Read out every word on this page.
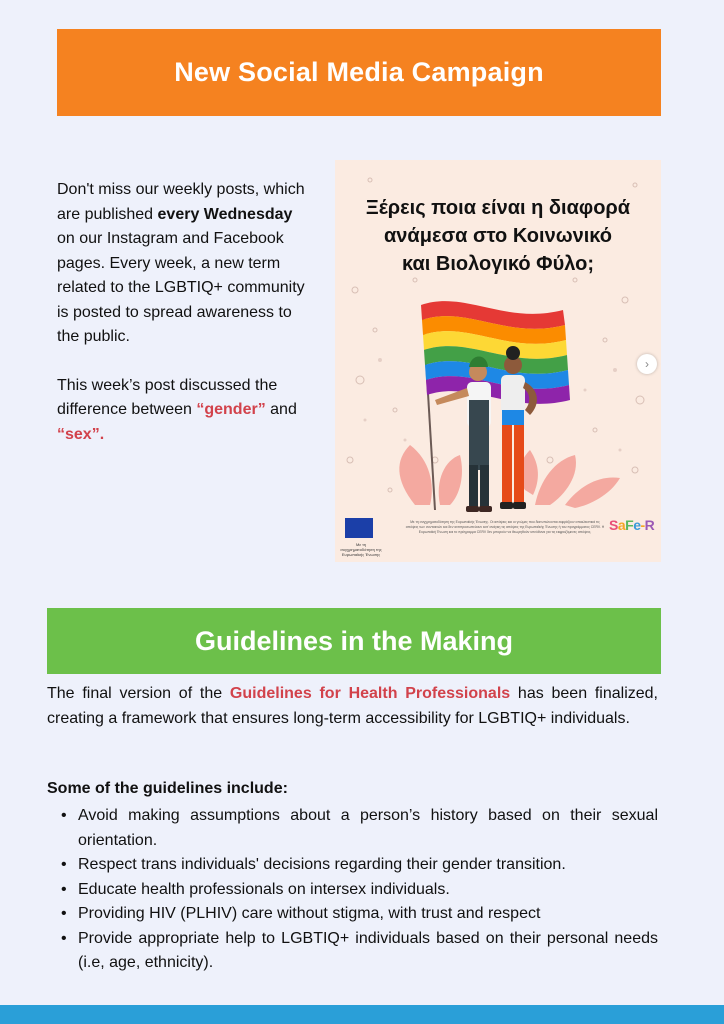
New Social Media Campaign

Don't miss our weekly posts, which are published every Wednesday on our Instagram and Facebook pages. Every week, a new term related to the LGBTIQ+ community is posted to spread awareness to the public.

This week’s post discussed the difference between “gender” and “sex”.

Ξέρεις ποια είναι η διαφορά
ανάμεσα στο Κοινωνικό
και Βιολογικό Φύλο;
›
Με τη συγχρηματοδότηση της Ευρωπαϊκής Ένωσης
Με τη συγχρηματοδότηση της Ευρωπαϊκής Ένωσης. Οι απόψεις και οι γνώμες που διατυπώνονται εκφράζουν αποκλειστικά τις απόψεις των συντακτών και δεν αντιπροσωπεύουν κατ’ ανάγκη τις απόψεις της Ευρωπαϊκής Ένωσης ή του προγράμματος CERV. Η Ευρωπαϊκή Ένωση και το πρόγραμμα CERV δεν μπορούν να θεωρηθούν υπεύθυνα για τις εκφραζόμενες απόψεις.	SaFe-R
Guidelines in the Making

The final version of the Guidelines for Health Professionals has been finalized, creating a framework that ensures long-term accessibility for LGBTIQ+ individuals.

Some of the guidelines include:
• Avoid making assumptions about a person’s history based on their sexual orientation.
• Respect trans individuals' decisions regarding their gender transition.
• Educate health professionals on intersex individuals.
• Providing HIV (PLHIV) care without stigma, with trust and respect
• Provide appropriate help to LGBTIQ+ individuals based on their personal needs (i.e, age, ethnicity).
